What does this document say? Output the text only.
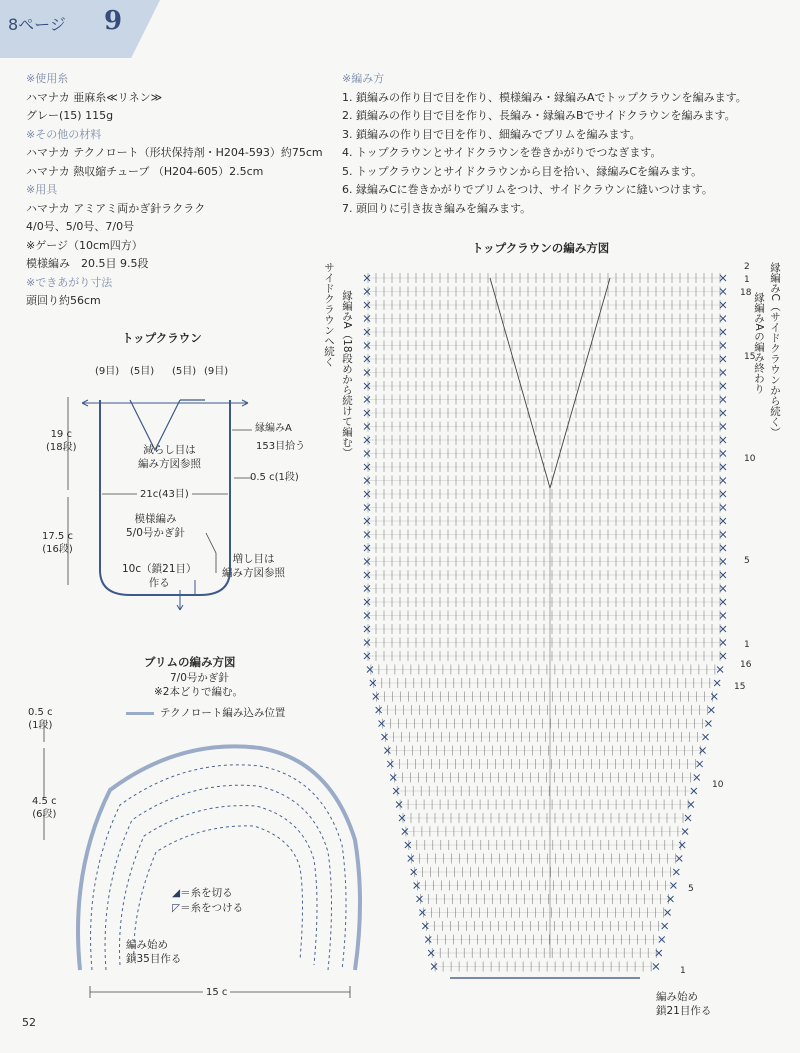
8ページ 9
※使用糸
ハマナカ 亜麻糸≪リネン≫
グレー(15) 115g
※その他の材料
ハマナカ テクノロート（形状保持剤・H204-593）約75cm
ハマナカ 熱収縮チューブ （H204-605）2.5cm
※用具
ハマナカ アミアミ両かぎ針ラクラク
4/0号、5/0号、7/0号
※ゲージ（10cm四方）
模様編み　20.5目 9.5段
※できあがり寸法
頭回り約56cm
※編み方
1. 鎖編みの作り目で目を作り、模様編み・縁編みAでトップクラウンを編みます。
2. 鎖編みの作り目で目を作り、長編み・縁編みBでサイドクラウンを編みます。
3. 鎖編みの作り目で目を作り、細編みでブリムを編みます。
4. トップクラウンとサイドクラウンを巻きかがりでつなぎます。
5. トップクラウンとサイドクラウンから目を拾い、縁編みCを編みます。
6. 縁編みCに巻きかがりでブリムをつけ、サイドクラウンに縫いつけます。
7. 頭回りに引き抜き編みを編みます。
トップクラウン
(9目) (5目) (5目) (9目)
19 c
(18段)
17.5 c
(16段)
縁編みA
153目拾う
0.5 c(1段)
減らし目は
編み方図参照
21c(43目)
模様編み
5/0号かぎ針
増し目は
編み方図参照
10c（鎖21目）
作る
ブリムの編み方図
7/0号かぎ針
※2本どりで編む。
テクノロート編み込み位置
0.5 c
(1段)
4.5 c
(6段)
◢＝糸を切る
◸＝糸をつける
編み始め
鎖35目作る
15 c
トップクラウンの編み方図
サイドクラウンへ続く 縁編みA（18段めから続けて編む）	縁編みC（サイドクラウンから続く）
縁編みAの編み終わり
2
1
18
15
10
5
1
16
15
10
5
1
編み始め
鎖21目作る
52
